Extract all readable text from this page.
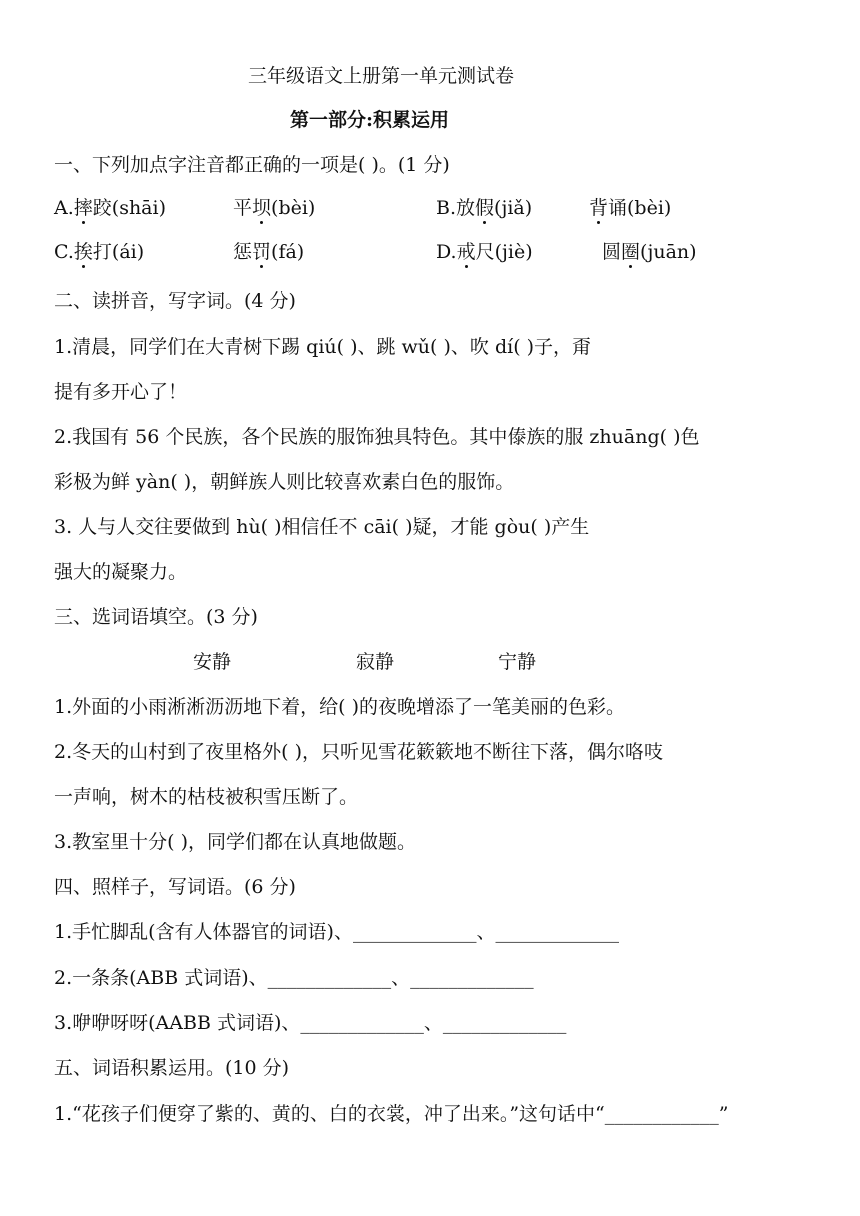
三年级语文上册第一单元测试卷
第一部分:积累运用
一、下列加点字注音都正确的一项是( )。(1 分)
A.摔跤(shāi)	平坝(bèi)	B.放假(jiǎ)	背诵(bèi)
C.挨打(ái)	惩罚(fá)	D.戒尺(jiè)	圆圈(juān)
二、读拼音，写字词。(4 分)
1.清晨，同学们在大青树下踢 qiú( )、跳 wǔ( )、吹 dí( )子，甭
提有多开心了！
2.我国有 56 个民族，各个民族的服饰独具特色。其中傣族的服 zhuāng( )色
彩极为鲜 yàn( )，朝鲜族人则比较喜欢素白色的服饰。
3. 人与人交往要做到 hù( )相信任不 cāi( )疑，才能 gòu( )产生
强大的凝聚力。
三、选词语填空。(3 分)
安静	寂静	宁静
1.外面的小雨淅淅沥沥地下着，给( )的夜晚增添了一笔美丽的色彩。
2.冬天的山村到了夜里格外( )，只听见雪花簌簌地不断往下落，偶尔咯吱
一声响，树木的枯枝被积雪压断了。
3.教室里十分( )，同学们都在认真地做题。
四、照样子，写词语。(6 分)
1.手忙脚乱(含有人体器官的词语)、_____________、_____________
2.一条条(ABB 式词语)、_____________、_____________
3.咿咿呀呀(AABB 式词语)、_____________、_____________
五、词语积累运用。(10 分)
1.“花孩子们便穿了紫的、黄的、白的衣裳，冲了出来。”这句话中“____________”
